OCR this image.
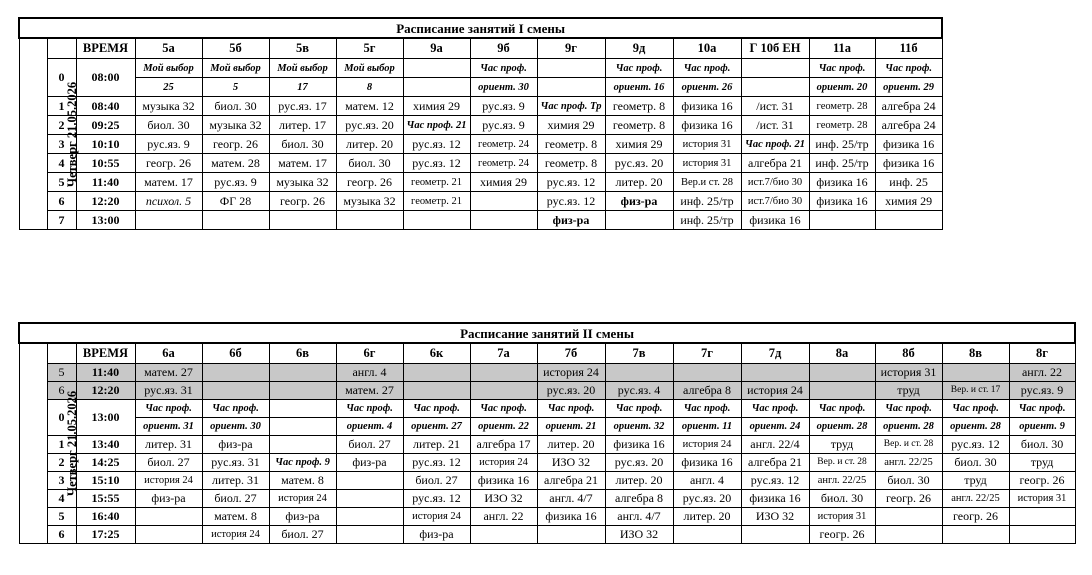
Расписание занятий I смены														
Четверг 21.05.2026		ВРЕМЯ	5а	5б	5в	5г	9а	9б	9г	9д	10а	Г 10б ЕН	11а	11б
	0	08:00	Мой выбор	Мой выбор	Мой выбор	Мой выбор		Час проф.		Час проф.	Час проф.		Час проф.	Час проф.
			25	5	17	8		ориент. 30		ориент. 16	ориент. 26		ориент. 20	ориент. 29
	1	08:40	музыка 32	биол. 30	рус.яз. 17	матем. 12	химия 29	рус.яз. 9	Час проф. Тр	геометр. 8	физика 16	/ист. 31	геометр. 28	алгебра 24
	2	09:25	биол. 30	музыка 32	литер. 17	рус.яз. 20	Час проф. 21	рус.яз. 9	химия 29	геометр. 8	физика 16	/ист. 31	геометр. 28	алгебра 24
	3	10:10	рус.яз. 9	геогр. 26	биол. 30	литер. 20	рус.яз. 12	геометр. 24	геометр. 8	химия 29	история 31	Час проф. 21	инф. 25/тр	физика 16
	4	10:55	геогр. 26	матем. 28	матем. 17	биол. 30	рус.яз. 12	геометр. 24	геометр. 8	рус.яз. 20	история 31	алгебра 21	инф. 25/тр	физика 16
	5	11:40	матем. 17	рус.яз. 9	музыка 32	геогр. 26	геометр. 21	химия 29	рус.яз. 12	литер. 20	Вер.и ст. 28	ист.7/био 30	физика 16	инф. 25
	6	12:20	психол. 5	ФГ 28	геогр. 26	музыка 32	геометр. 21		рус.яз. 12	физ-ра	инф. 25/тр	ист.7/био 30	физика 16	химия 29
	7	13:00							физ-ра		инф. 25/тр	физика 16		
Расписание занятий II смены																
Четверг 21.05.2026		ВРЕМЯ	6а	6б	6в	6г	6к	7а	7б	7в	7г	7д	8а	8б	8в	8г
	5	11:40	матем. 27			англ. 4			история 24					история 31		англ. 22
	6	12:20	рус.яз. 31			матем. 27			рус.яз. 20	рус.яз. 4	алгебра 8	история 24		труд	Вер. и ст. 17	рус.яз. 9
	0	13:00	Час проф.	Час проф.		Час проф.	Час проф.	Час проф.	Час проф.	Час проф.	Час проф.	Час проф.	Час проф.	Час проф.	Час проф.	Час проф.
			ориент. 31	ориент. 30		ориент. 4	ориент. 27	ориент. 22	ориент. 21	ориент. 32	ориент. 11	ориент. 24	ориент. 28	ориент. 28	ориент. 28	ориент. 9
	1	13:40	литер. 31	физ-ра		биол. 27	литер. 21	алгебра 17	литер. 20	физика 16	история 24	англ. 22/4	труд	Вер. и ст. 28	рус.яз. 12	биол. 30
	2	14:25	биол. 27	рус.яз. 31	Час проф. 9	физ-ра	рус.яз. 12	история 24	ИЗО 32	рус.яз. 20	физика 16	алгебра 21	Вер. и ст. 28	англ. 22/25	биол. 30	труд
	3	15:10	история 24	литер. 31	матем. 8		биол. 27	физика 16	алгебра 21	литер. 20	англ. 4	рус.яз. 12	англ. 22/25	биол. 30	труд	геогр. 26
	4	15:55	физ-ра	биол. 27	история 24		рус.яз. 12	ИЗО 32	англ. 4/7	алгебра 8	рус.яз. 20	физика 16	биол. 30	геогр. 26	англ. 22/25	история 31
	5	16:40		матем. 8	физ-ра		история 24	англ. 22	физика 16	англ. 4/7	литер. 20	ИЗО 32	история 31		геогр. 26	
	6	17:25		история 24	биол. 27		физ-ра			ИЗО 32			геогр. 26			
